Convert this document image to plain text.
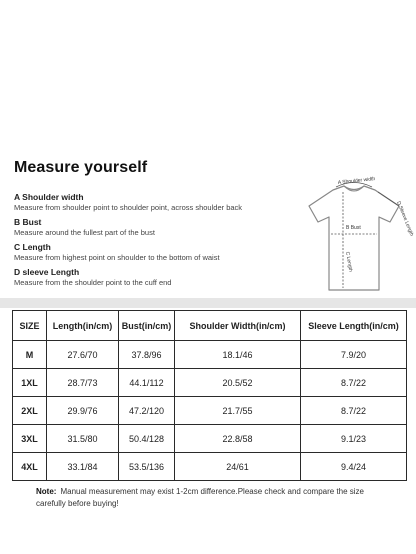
Measure yourself
A Shoulder width
Measure from shoulder point to shoulder point, across shoulder back
B Bust
Measure around the fullest part of the bust
C Length
Measure from highest point on shoulder to the bottom of waist
D sleeve Length
Measure from the shoulder point to the cuff end
A Shoulder width
B Bust
C Length
D Sleeve Length
SIZE	Length(in/cm)	Bust(in/cm)	Shoulder Width(in/cm)	Sleeve Length(in/cm)
M	27.6/70	37.8/96	18.1/46	7.9/20
1XL	28.7/73	44.1/112	20.5/52	8.7/22
2XL	29.9/76	47.2/120	21.7/55	8.7/22
3XL	31.5/80	50.4/128	22.8/58	9.1/23
4XL	33.1/84	53.5/136	24/61	9.4/24
Note: Manual measurement may exist 1-2cm difference.Please check and compare the size carefully before buying!
